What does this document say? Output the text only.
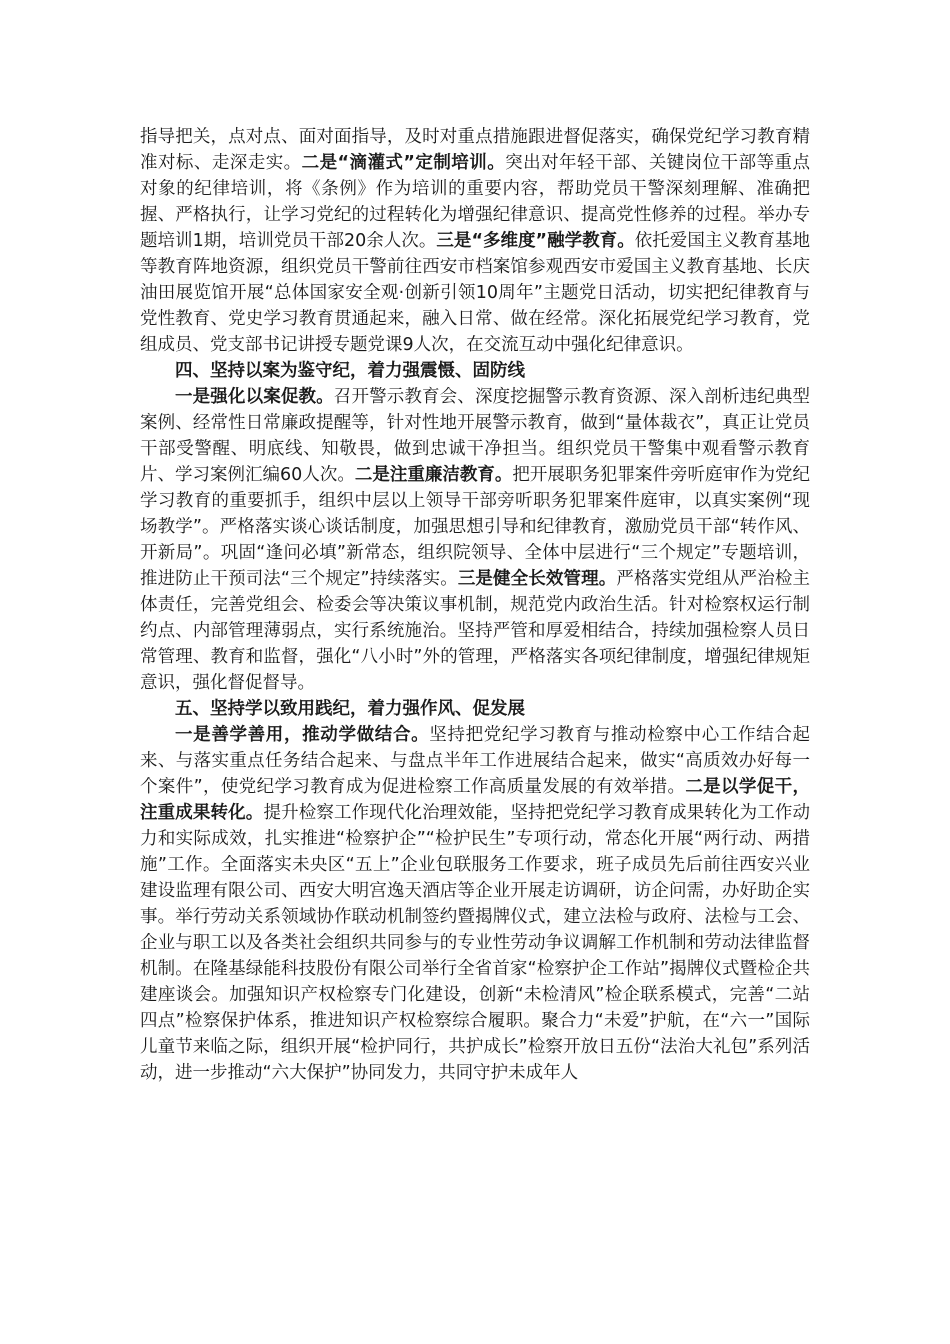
指导把关，点对点、面对面指导，及时对重点措施跟进督促落实，确保党纪学习教育精准对标、走深走实。二是“滴灌式”定制培训。突出对年轻干部、关键岗位干部等重点对象的纪律培训，将《条例》作为培训的重要内容，帮助党员干警深刻理解、准确把握、严格执行，让学习党纪的过程转化为增强纪律意识、提高党性修养的过程。举办专题培训1期，培训党员干部20余人次。三是“多维度”融学教育。依托爱国主义教育基地等教育阵地资源，组织党员干警前往西安市档案馆参观西安市爱国主义教育基地、长庆油田展览馆开展“总体国家安全观·创新引领10周年”主题党日活动，切实把纪律教育与党性教育、党史学习教育贯通起来，融入日常、做在经常。深化拓展党纪学习教育，党组成员、党支部书记讲授专题党课9人次，在交流互动中强化纪律意识。

四、坚持以案为鉴守纪，着力强震慑、固防线

一是强化以案促教。召开警示教育会、深度挖掘警示教育资源、深入剖析违纪典型案例、经常性日常廉政提醒等，针对性地开展警示教育，做到“量体裁衣”，真正让党员干部受警醒、明底线、知敬畏，做到忠诚干净担当。组织党员干警集中观看警示教育片、学习案例汇编60人次。二是注重廉洁教育。把开展职务犯罪案件旁听庭审作为党纪学习教育的重要抓手，组织中层以上领导干部旁听职务犯罪案件庭审，以真实案例“现场教学”。严格落实谈心谈话制度，加强思想引导和纪律教育，激励党员干部“转作风、开新局”。巩固“逢问必填”新常态，组织院领导、全体中层进行“三个规定”专题培训，推进防止干预司法“三个规定”持续落实。三是健全长效管理。严格落实党组从严治检主体责任，完善党组会、检委会等决策议事机制，规范党内政治生活。针对检察权运行制约点、内部管理薄弱点，实行系统施治。坚持严管和厚爱相结合，持续加强检察人员日常管理、教育和监督，强化“八小时”外的管理，严格落实各项纪律制度，增强纪律规矩意识，强化督促督导。

五、坚持学以致用践纪，着力强作风、促发展

一是善学善用，推动学做结合。坚持把党纪学习教育与推动检察中心工作结合起来、与落实重点任务结合起来、与盘点半年工作进展结合起来，做实“高质效办好每一个案件”，使党纪学习教育成为促进检察工作高质量发展的有效举措。二是以学促干，注重成果转化。提升检察工作现代化治理效能，坚持把党纪学习教育成果转化为工作动力和实际成效，扎实推进“检察护企”“检护民生”专项行动，常态化开展“两行动、两措施”工作。全面落实未央区“五上”企业包联服务工作要求，班子成员先后前往西安兴业建设监理有限公司、西安大明宫逸天酒店等企业开展走访调研，访企问需，办好助企实事。举行劳动关系领域协作联动机制签约暨揭牌仪式，建立法检与政府、法检与工会、企业与职工以及各类社会组织共同参与的专业性劳动争议调解工作机制和劳动法律监督机制。在隆基绿能科技股份有限公司举行全省首家“检察护企工作站”揭牌仪式暨检企共建座谈会。加强知识产权检察专门化建设，创新“未检清风”检企联系模式，完善“二站四点”检察保护体系，推进知识产权检察综合履职。聚合力“未爱”护航，在“六一”国际儿童节来临之际，组织开展“检护同行，共护成长”检察开放日五份“法治大礼包”系列活动，进一步推动“六大保护”协同发力，共同守护未成年人
